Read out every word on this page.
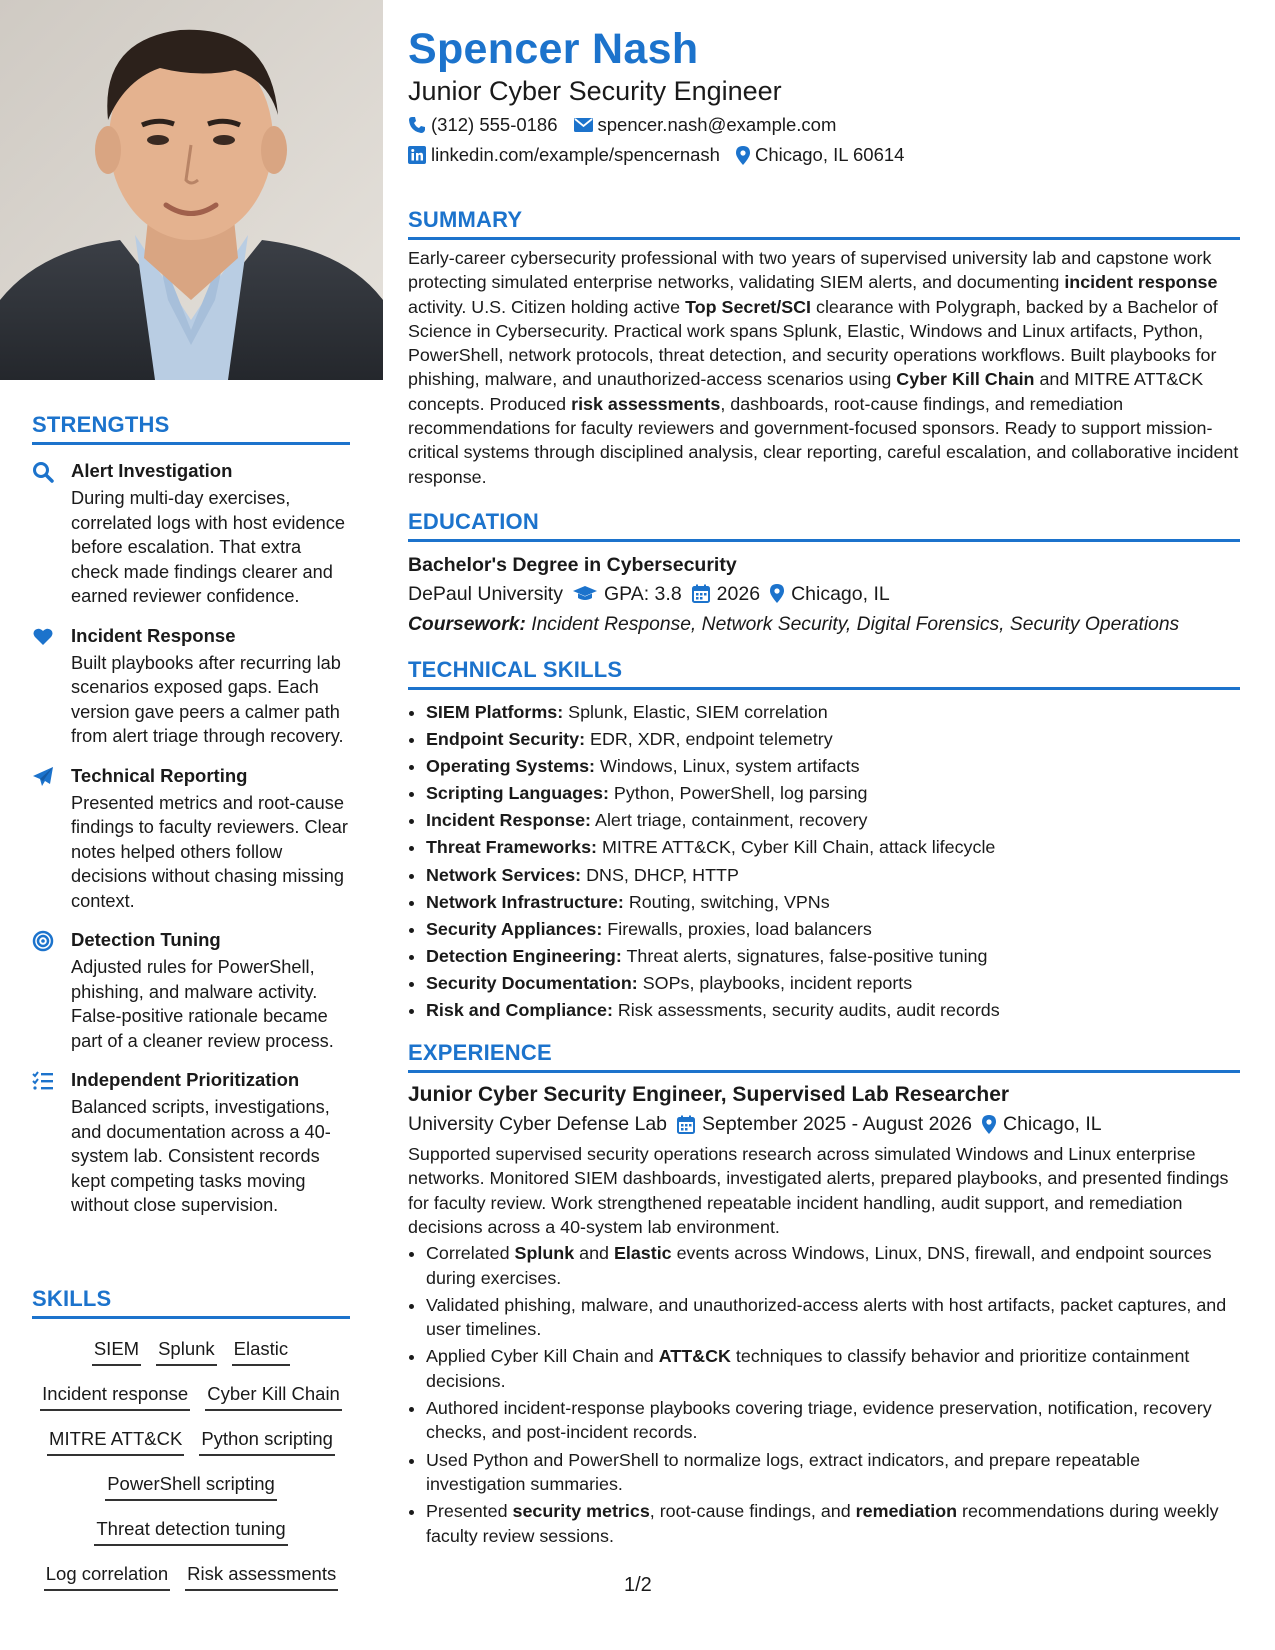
STRENGTHS
Alert Investigation
During multi-day exercises, correlated logs with host evidence before escalation. That extra check made findings clearer and earned reviewer confidence.
Incident Response
Built playbooks after recurring lab scenarios exposed gaps. Each version gave peers a calmer path from alert triage through recovery.
Technical Reporting
Presented metrics and root-cause findings to faculty reviewers. Clear notes helped others follow decisions without chasing missing context.
Detection Tuning
Adjusted rules for PowerShell, phishing, and malware activity. False-positive rationale became part of a cleaner review process.
Independent Prioritization
Balanced scripts, investigations, and documentation across a 40-system lab. Consistent records kept competing tasks moving without close supervision.
SKILLS
SIEM Splunk Elastic
Incident response Cyber Kill Chain
MITRE ATT&CK Python scripting
PowerShell scripting
Threat detection tuning
Log correlation Risk assessments
Spencer Nash
Junior Cyber Security Engineer
(312) 555-0186 spencer.nash@example.com
linkedin.com/example/spencernash Chicago, IL 60614
SUMMARY
Early-career cybersecurity professional with two years of supervised university lab and capstone work protecting simulated enterprise networks, validating SIEM alerts, and documenting incident response activity. U.S. Citizen holding active Top Secret/SCI clearance with Polygraph, backed by a Bachelor of Science in Cybersecurity. Practical work spans Splunk, Elastic, Windows and Linux artifacts, Python, PowerShell, network protocols, threat detection, and security operations workflows. Built playbooks for phishing, malware, and unauthorized-access scenarios using Cyber Kill Chain and MITRE ATT&CK concepts. Produced risk assessments, dashboards, root-cause findings, and remediation recommendations for faculty reviewers and government-focused sponsors. Ready to support mission-critical systems through disciplined analysis, clear reporting, careful escalation, and collaborative incident response.
EDUCATION
Bachelor's Degree in Cybersecurity
DePaul University GPA: 3.8 2026 Chicago, IL
Coursework: Incident Response, Network Security, Digital Forensics, Security Operations
TECHNICAL SKILLS
• SIEM Platforms: Splunk, Elastic, SIEM correlation
• Endpoint Security: EDR, XDR, endpoint telemetry
• Operating Systems: Windows, Linux, system artifacts
• Scripting Languages: Python, PowerShell, log parsing
• Incident Response: Alert triage, containment, recovery
• Threat Frameworks: MITRE ATT&CK, Cyber Kill Chain, attack lifecycle
• Network Services: DNS, DHCP, HTTP
• Network Infrastructure: Routing, switching, VPNs
• Security Appliances: Firewalls, proxies, load balancers
• Detection Engineering: Threat alerts, signatures, false-positive tuning
• Security Documentation: SOPs, playbooks, incident reports
• Risk and Compliance: Risk assessments, security audits, audit records
EXPERIENCE
Junior Cyber Security Engineer, Supervised Lab Researcher
University Cyber Defense Lab September 2025 - August 2026 Chicago, IL
Supported supervised security operations research across simulated Windows and Linux enterprise networks. Monitored SIEM dashboards, investigated alerts, prepared playbooks, and presented findings for faculty review. Work strengthened repeatable incident handling, audit support, and remediation decisions across a 40-system lab environment.
• Correlated Splunk and Elastic events across Windows, Linux, DNS, firewall, and endpoint sources during exercises.
• Validated phishing, malware, and unauthorized-access alerts with host artifacts, packet captures, and user timelines.
• Applied Cyber Kill Chain and ATT&CK techniques to classify behavior and prioritize containment decisions.
• Authored incident-response playbooks covering triage, evidence preservation, notification, recovery checks, and post-incident records.
• Used Python and PowerShell to normalize logs, extract indicators, and prepare repeatable investigation summaries.
• Presented security metrics, root-cause findings, and remediation recommendations during weekly faculty review sessions.
1/2
